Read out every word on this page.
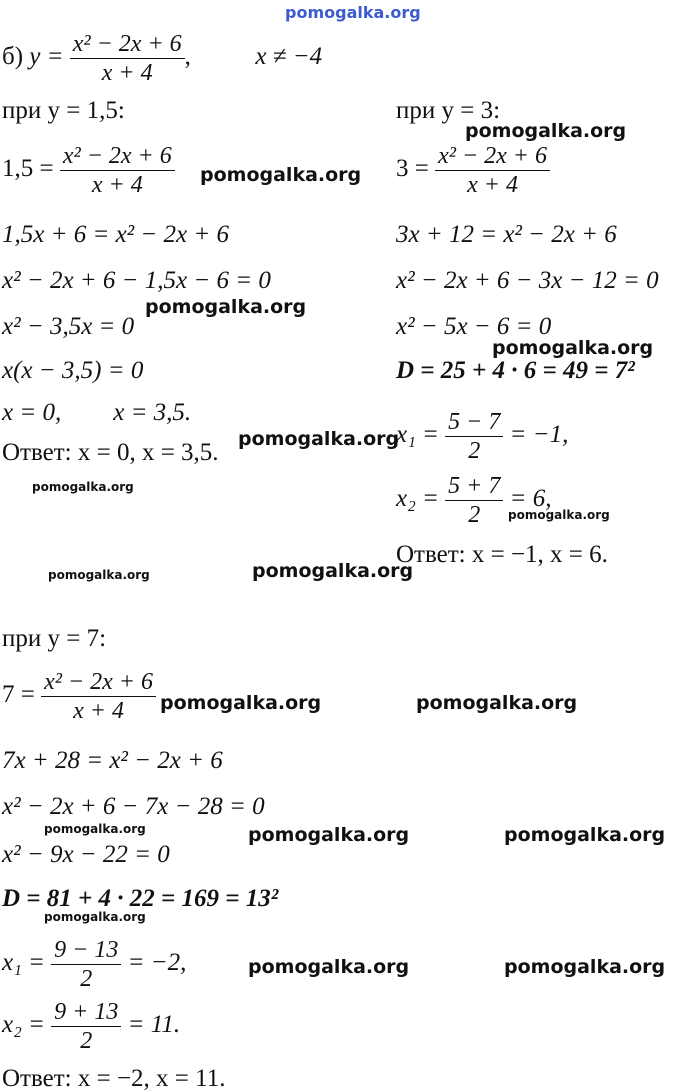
pomogalka.org
б) $y = \frac{\text{x² − 2x + 6}}{x + 4}$ ,	x ≠ −4
при y = 1,5:
$1,5 = \frac{\text{x² − 2x + 6}}{x + 4}$
1,5x + 6 = x² − 2x + 6
x² − 2x + 6 − 1,5x − 6 = 0
x² − 3,5x = 0
x(x − 3,5) = 0
x = 0, x = 3,5.
Ответ: x = 0, x = 3,5.
при y = 3:
$3 = \frac{\text{x² − 2x + 6}}{x + 4}$
3x + 12 = x² − 2x + 6
x² − 2x + 6 − 3x − 12 = 0
x² − 5x − 6 = 0
D = 25 + 4 · 6 = 49 = 7²
$x_1 = \frac{5 - 7}{2} = -1$,
$x_2 = \frac{5 + 7}{2} = 6$,
Ответ: x = −1, x = 6.
при y = 7:
$7 = \frac{\text{x² − 2x + 6}}{x + 4}$
7x + 28 = x² − 2x + 6
x² − 2x + 6 − 7x − 28 = 0
x² − 9x − 22 = 0
D = 81 + 4 · 22 = 169 = 13²
$x_1 = \frac{9 - 13}{2} = -2$,
$x_2 = \frac{9 + 13}{2} = 11$.
Ответ: x = −2, x = 11.
pomogalka.org
pomogalka.org
pomogalka.org
pomogalka.org
pomogalka.org
pomogalka.org
pomogalka.org
pomogalka.org	pomogalka.org
pomogalka.org	pomogalka.org
pomogalka.org	pomogalka.org	pomogalka.org
pomogalka.org
pomogalka.org	pomogalka.org
